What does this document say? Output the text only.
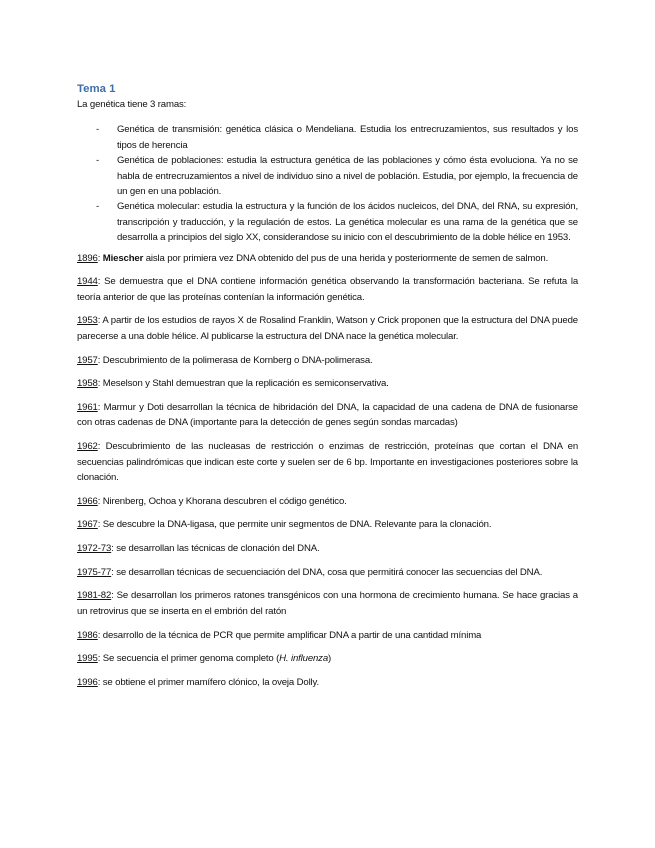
Tema 1
La genética tiene 3 ramas:
- Genética de transmisión: genética clásica o Mendeliana. Estudia los entrecruzamientos, sus resultados y los tipos de herencia
- Genética de poblaciones: estudia la estructura genética de las poblaciones y cómo ésta evoluciona. Ya no se habla de entrecruzamientos a nivel de individuo sino a nivel de población. Estudia, por ejemplo, la frecuencia de un gen en una población.
- Genética molecular: estudia la estructura y la función de los ácidos nucleicos, del DNA, del RNA, su expresión, transcripción y traducción, y la regulación de estos. La genética molecular es una rama de la genética que se desarrolla a principios del siglo XX, considerandose su inicio con el descubrimiento de la doble hélice en 1953.
1896: Miescher aisla por primiera vez DNA obtenido del pus de una herida y posteriormente de semen de salmon.
1944: Se demuestra que el DNA contiene información genética observando la transformación bacteriana. Se refuta la teoría anterior de que las proteínas contenían la información genética.
1953: A partir de los estudios de rayos X de Rosalind Franklin, Watson y Crick proponen que la estructura del DNA puede parecerse a una doble hélice. Al publicarse la estructura del DNA nace la genética molecular.
1957: Descubrimiento de la polimerasa de Kornberg o DNA-polimerasa.
1958: Meselson y Stahl demuestran que la replicación es semiconservativa.
1961: Marmur y Doti desarrollan la técnica de hibridación del DNA, la capacidad de una cadena de DNA de fusionarse con otras cadenas de DNA (importante para la detección de genes según sondas marcadas)
1962: Descubrimiento de las nucleasas de restricción o enzimas de restricción, proteínas que cortan el DNA en secuencias palindrómicas que indican este corte y suelen ser de 6 bp. Importante en investigaciones posteriores sobre la clonación.
1966: Nirenberg, Ochoa y Khorana descubren el código genético.
1967: Se descubre la DNA-ligasa, que permite unir segmentos de DNA. Relevante para la clonación.
1972-73: se desarrollan las técnicas de clonación del DNA.
1975-77: se desarrollan técnicas de secuenciación del DNA, cosa que permitirá conocer las secuencias del DNA.
1981-82: Se desarrollan los primeros ratones transgénicos con una hormona de crecimiento humana. Se hace gracias a un retrovirus que se inserta en el embrión del ratón
1986: desarrollo de la técnica de PCR que permite amplificar DNA a partir de una cantidad mínima
1995: Se secuencia el primer genoma completo (H. influenza)
1996: se obtiene el primer mamífero clónico, la oveja Dolly.
